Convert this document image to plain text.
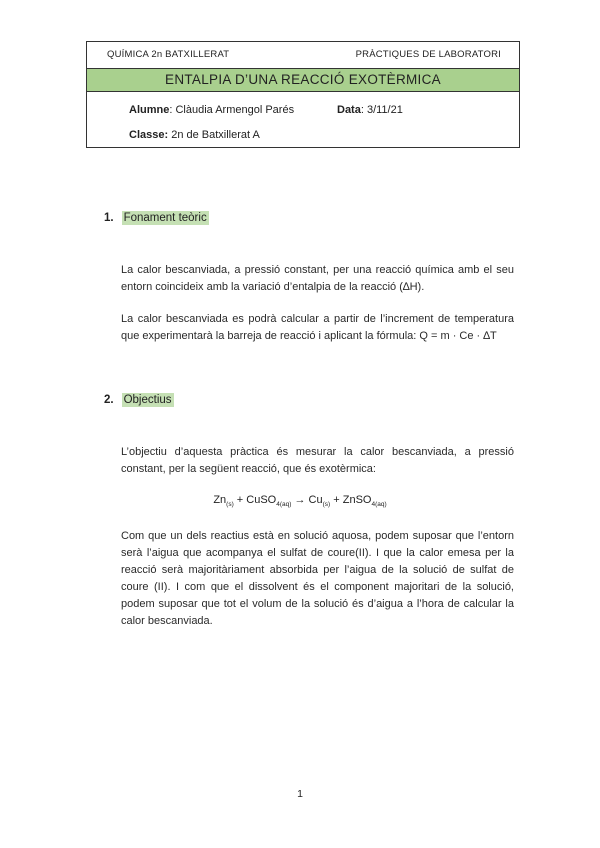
QUÍMICA 2n BATXILLERAT	PRÀCTIQUES DE LABORATORI
ENTALPIA D’UNA REACCIÓ EXOTÈRMICA
Alumne: Clàudia Armengol Parés	Data: 3/11/21
Classe: 2n de Batxillerat A
1. Fonament teòric

La calor bescanviada, a pressió constant, per una reacció química amb el seu entorn coincideix amb la variació d’entalpia de la reacció (∆H).

La calor bescanviada es podrà calcular a partir de l’increment de temperatura que experimentarà la barreja de reacció i aplicant la fórmula: Q = m · Ce · ∆T

2. Objectius

L’objectiu d’aquesta pràctica és mesurar la calor bescanviada, a pressió constant, per la següent reacció, que és exotèrmica:

$Zn_{(s)}$ + CuSO$_{4(aq)}$ → $Cu_{(s)}$ + ZnSO$_{4(aq)}$

Com que un dels reactius està en solució aquosa, podem suposar que l’entorn serà l’aigua que acompanya el sulfat de coure(II). I que la calor emesa per la reacció serà majoritàriament absorbida per l’aigua de la solució de sulfat de coure (II). I com que el dissolvent és el component majoritari de la solució, podem suposar que tot el volum de la solució és d’aigua a l’hora de calcular la calor bescanviada.

1
